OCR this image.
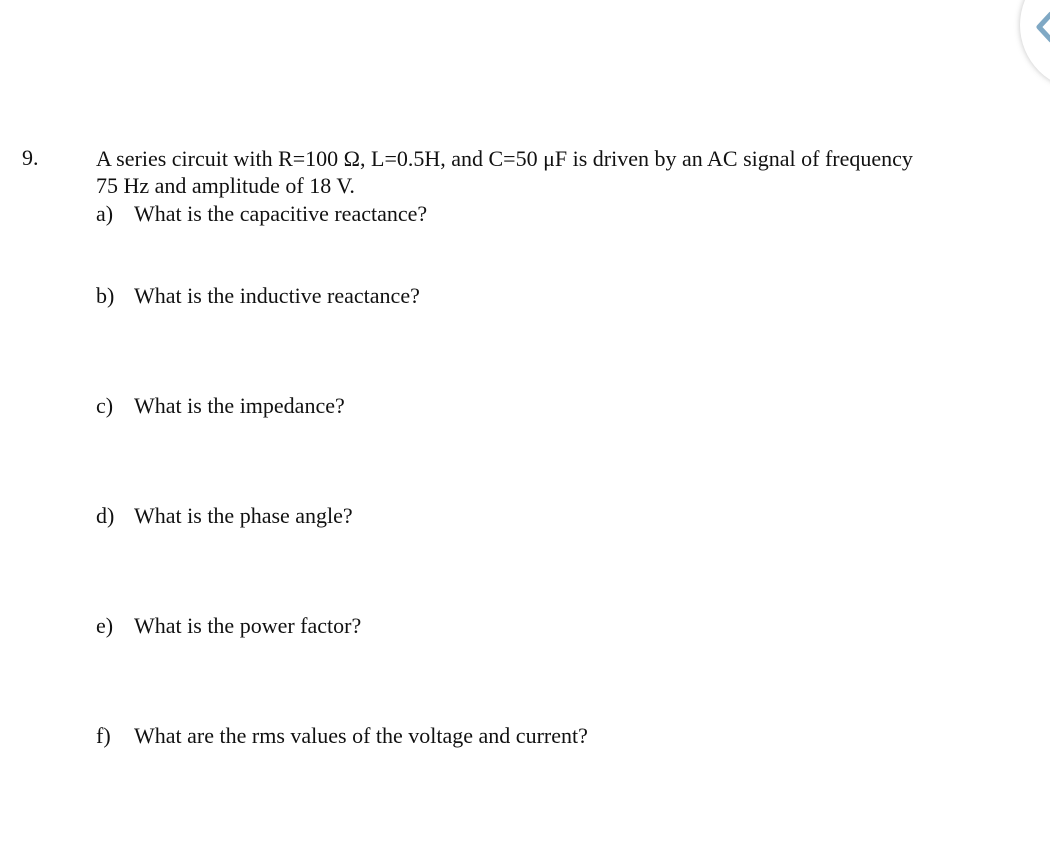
9.	A series circuit with R=100 Ω, L=0.5H, and C=50 μF is driven by an AC signal of frequency
75 Hz and amplitude of 18 V.
a) What is the capacitive reactance?
b) What is the inductive reactance?
c) What is the impedance?
d) What is the phase angle?
e) What is the power factor?
f) What are the rms values of the voltage and current?
